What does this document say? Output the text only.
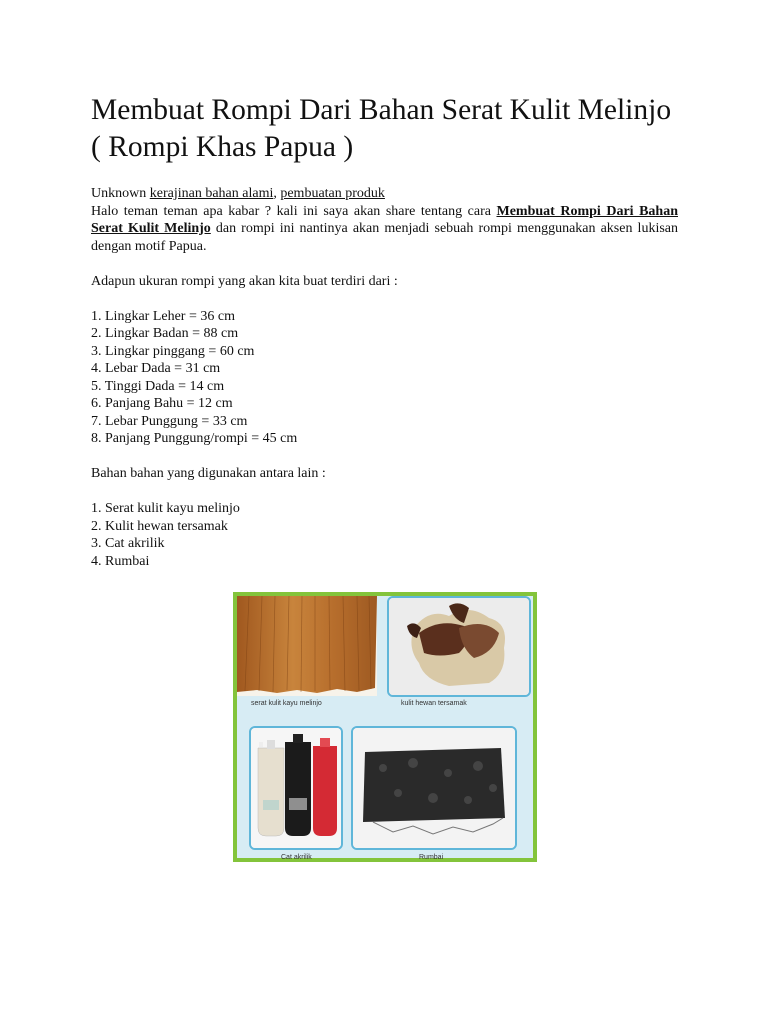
Membuat Rompi Dari Bahan Serat Kulit Melinjo ( Rompi Khas Papua )
Unknown kerajinan bahan alami, pembuatan produk

Halo teman teman apa kabar ? kali ini saya akan share tentang cara Membuat Rompi Dari Bahan Serat Kulit Melinjo dan rompi ini nantinya akan menjadi sebuah rompi menggunakan aksen lukisan dengan motif Papua.

Adapun ukuran rompi yang akan kita buat terdiri dari :

1. Lingkar Leher = 36 cm
2. Lingkar Badan = 88 cm
3. Lingkar pinggang = 60 cm
4. Lebar Dada = 31 cm
5. Tinggi Dada = 14 cm
6. Panjang Bahu = 12 cm
7. Lebar Punggung = 33 cm
8. Panjang Punggung/rompi = 45 cm

Bahan bahan yang digunakan antara lain :

1. Serat kulit kayu melinjo
2. Kulit hewan tersamak
3. Cat akrilik
4. Rumbai
serat kulit kayu melinjo	kulit hewan tersamak
Cat akrilik	Rumbai
